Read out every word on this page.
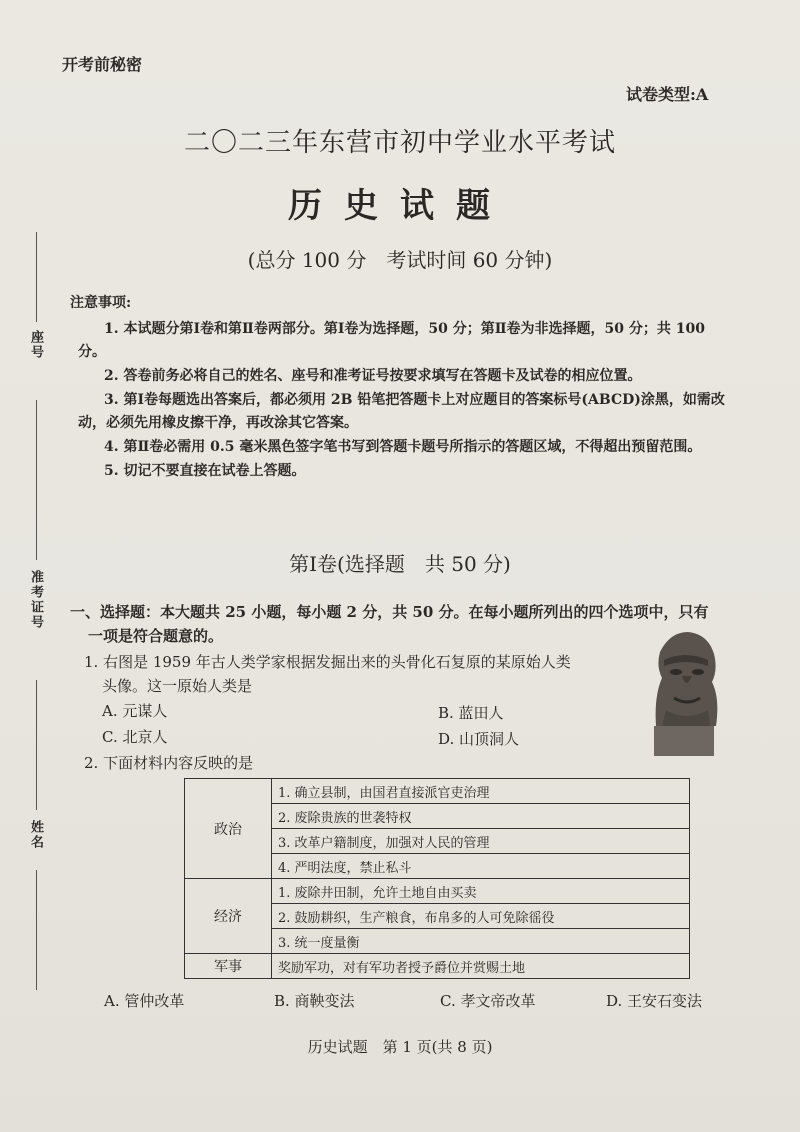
座号
准考证号
姓名
开考前秘密
试卷类型:A
二〇二三年东营市初中学业水平考试
历史试题
(总分 100 分　考试时间 60 分钟)
注意事项:

1. 本试题分第Ⅰ卷和第Ⅱ卷两部分。第Ⅰ卷为选择题，50 分；第Ⅱ卷为非选择题，50 分；共 100 分。

2. 答卷前务必将自己的姓名、座号和准考证号按要求填写在答题卡及试卷的相应位置。

3. 第Ⅰ卷每题选出答案后，都必须用 2B 铅笔把答题卡上对应题目的答案标号(ABCD)涂黑，如需改动，必须先用橡皮擦干净，再改涂其它答案。

4. 第Ⅱ卷必需用 0.5 毫米黑色签字笔书写到答题卡题号所指示的答题区域，不得超出预留范围。

5. 切记不要直接在试卷上答题。

第Ⅰ卷(选择题　共 50 分)
一、选择题：本大题共 25 小题，每小题 2 分，共 50 分。在每小题所列出的四个选项中，只有
一项是符合题意的。
1. 右图是 1959 年古人类学家根据发掘出来的头骨化石复原的某原始人类
头像。这一原始人类是
A. 元谋人	B. 蓝田人
C. 北京人	D. 山顶洞人
2. 下面材料内容反映的是
政治	1. 确立县制，由国君直接派官吏治理
	2. 废除贵族的世袭特权
	3. 改革户籍制度，加强对人民的管理
	4. 严明法度，禁止私斗
经济	1. 废除井田制，允许土地自由买卖
	2. 鼓励耕织，生产粮食，布帛多的人可免除徭役
	3. 统一度量衡
军事	奖励军功，对有军功者授予爵位并赏赐土地
A. 管仲改革	B. 商鞅变法	C. 孝文帝改革	D. 王安石变法
历史试题　第 1 页(共 8 页)
